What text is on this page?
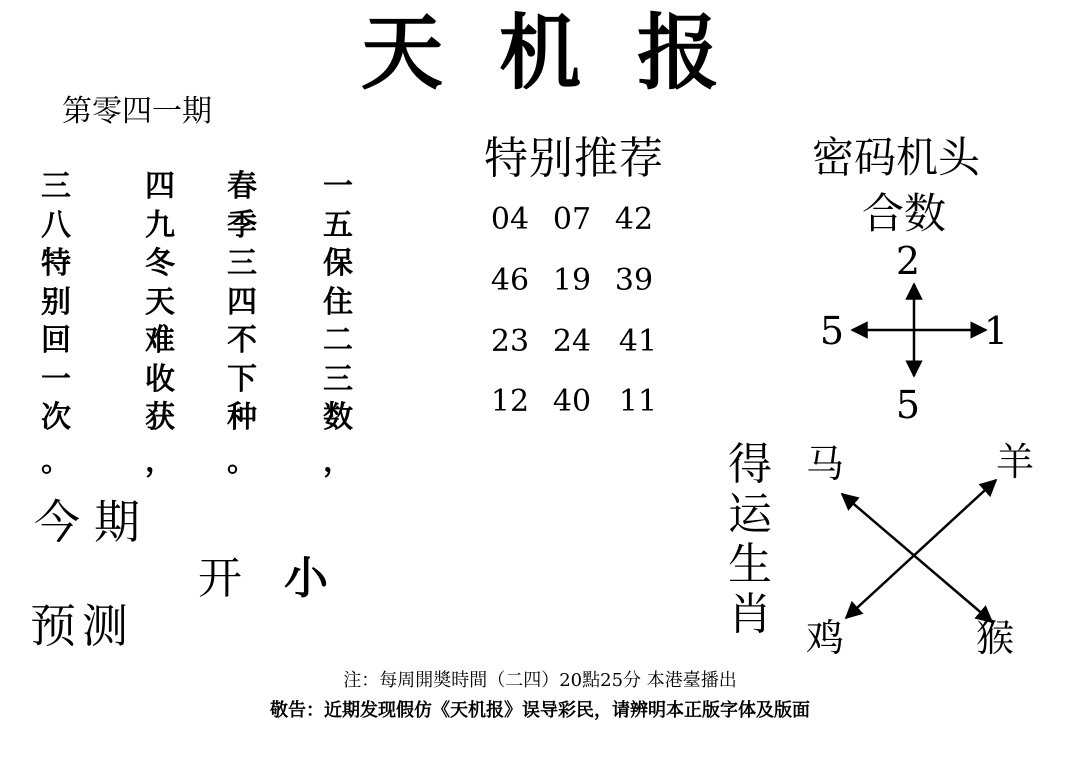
天机报
第零四一期
三
八
特
别
回
一
次
。
四
九
冬
天
难
收
获
，
春
季
三
四
不
下
种
。
一
五
保
住
二
三
数
，
今期
预测
开 小
特别推荐
04 07 42
46 19 39
23 24 41
12 40 11
密码机头
合数
2
5	1
5
得运生肖
马	羊
鸡	猴
注：每周開奬時間（二四）20點25分 本港臺播出
敬告：近期发现假仿《天机报》误导彩民，请辨明本正版字体及版面
